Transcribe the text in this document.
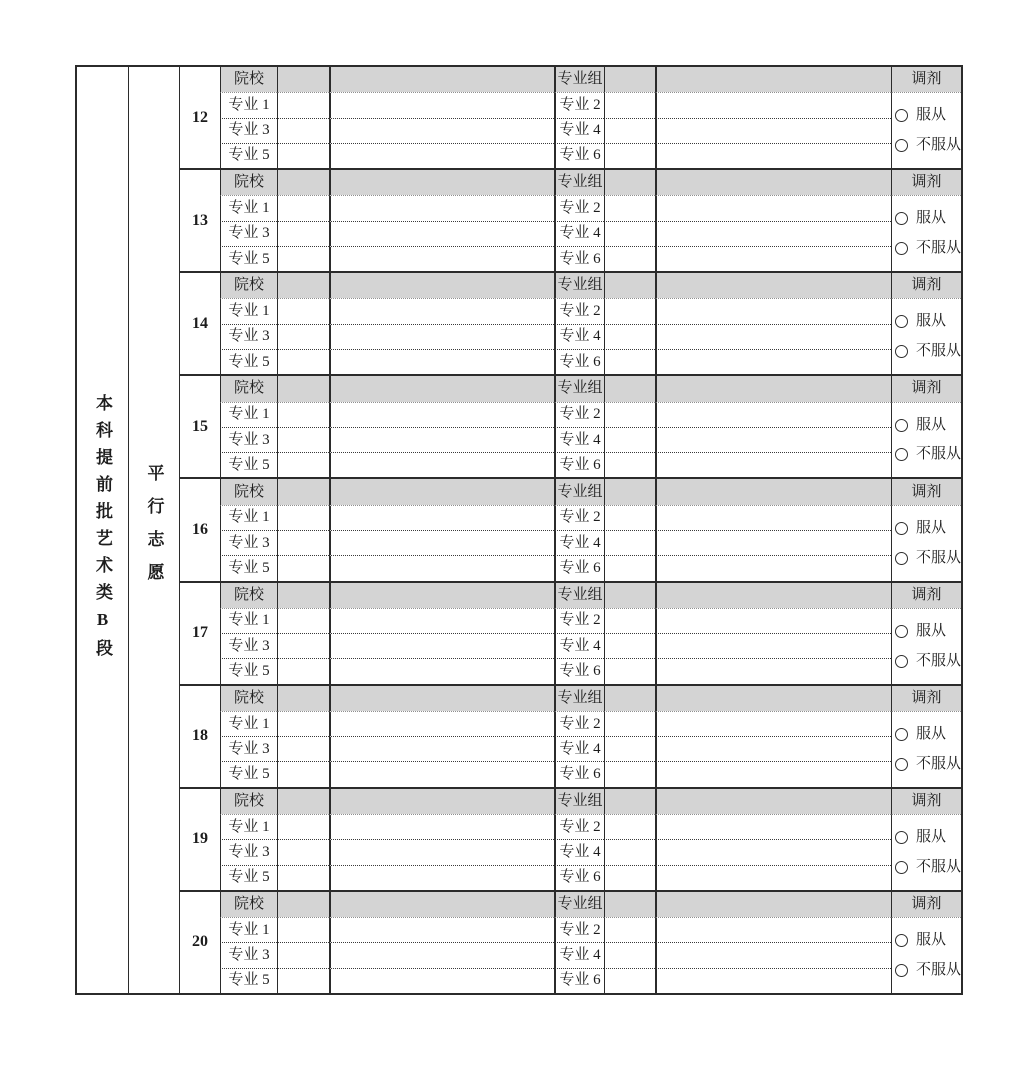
本科提前批艺术类B段 平行志愿
12
院校	专业组	调剂
专业 1	专业 2
服从
不服从
专业 3	专业 4
专业 5	专业 6
13
院校	专业组	调剂
专业 1	专业 2
服从
不服从
专业 3	专业 4
专业 5	专业 6
14
院校	专业组	调剂
专业 1	专业 2
服从
不服从
专业 3	专业 4
专业 5	专业 6
15
院校	专业组	调剂
专业 1	专业 2
服从
不服从
专业 3	专业 4
专业 5	专业 6
16
院校	专业组	调剂
专业 1	专业 2
服从
不服从
专业 3	专业 4
专业 5	专业 6
17
院校	专业组	调剂
专业 1	专业 2
服从
不服从
专业 3	专业 4
专业 5	专业 6
18
院校	专业组	调剂
专业 1	专业 2
服从
不服从
专业 3	专业 4
专业 5	专业 6
19
院校	专业组	调剂
专业 1	专业 2
服从
不服从
专业 3	专业 4
专业 5	专业 6
20
院校	专业组	调剂
专业 1	专业 2
服从
不服从
专业 3	专业 4
专业 5	专业 6
